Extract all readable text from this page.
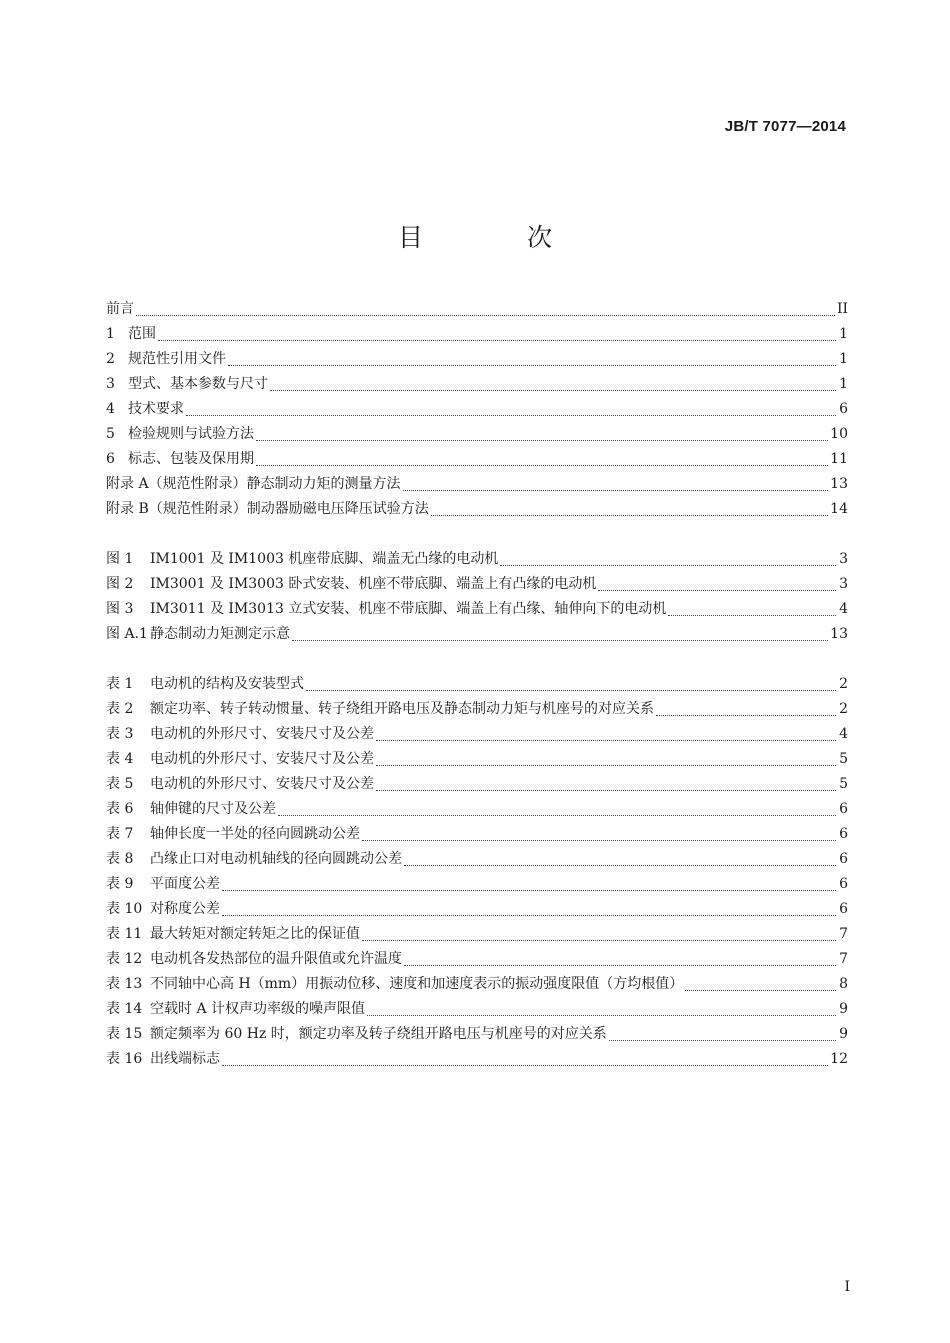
JB/T 7077—2014
目 次
前言	II
1 范围	1
2 规范性引用文件	1
3 型式、基本参数与尺寸	1
4 技术要求	6
5 检验规则与试验方法	10
6 标志、包装及保用期	11
附录 A（规范性附录）静态制动力矩的测量方法	13
附录 B（规范性附录）制动器励磁电压降压试验方法	14
图 1	IM1001 及 IM1003 机座带底脚、端盖无凸缘的电动机	3
图 2	IM3001 及 IM3003 卧式安装、机座不带底脚、端盖上有凸缘的电动机	3
图 3	IM3011 及 IM3013 立式安装、机座不带底脚、端盖上有凸缘、轴伸向下的电动机	4
图 A.1 静态制动力矩测定示意	13
表 1	电动机的结构及安装型式	2
表 2	额定功率、转子转动惯量、转子绕组开路电压及静态制动力矩与机座号的对应关系	2
表 3	电动机的外形尺寸、安装尺寸及公差	4
表 4	电动机的外形尺寸、安装尺寸及公差	5
表 5	电动机的外形尺寸、安装尺寸及公差	5
表 6	轴伸键的尺寸及公差	6
表 7	轴伸长度一半处的径向圆跳动公差	6
表 8	凸缘止口对电动机轴线的径向圆跳动公差	6
表 9	平面度公差	6
表 10 对称度公差	6
表 11 最大转矩对额定转矩之比的保证值	7
表 12 电动机各发热部位的温升限值或允许温度	7
表 13 不同轴中心高 H（mm）用振动位移、速度和加速度表示的振动强度限值（方均根值）	8
表 14 空载时 A 计权声功率级的噪声限值	9
表 15 额定频率为 60 Hz 时，额定功率及转子绕组开路电压与机座号的对应关系	9
表 16 出线端标志	12
I
